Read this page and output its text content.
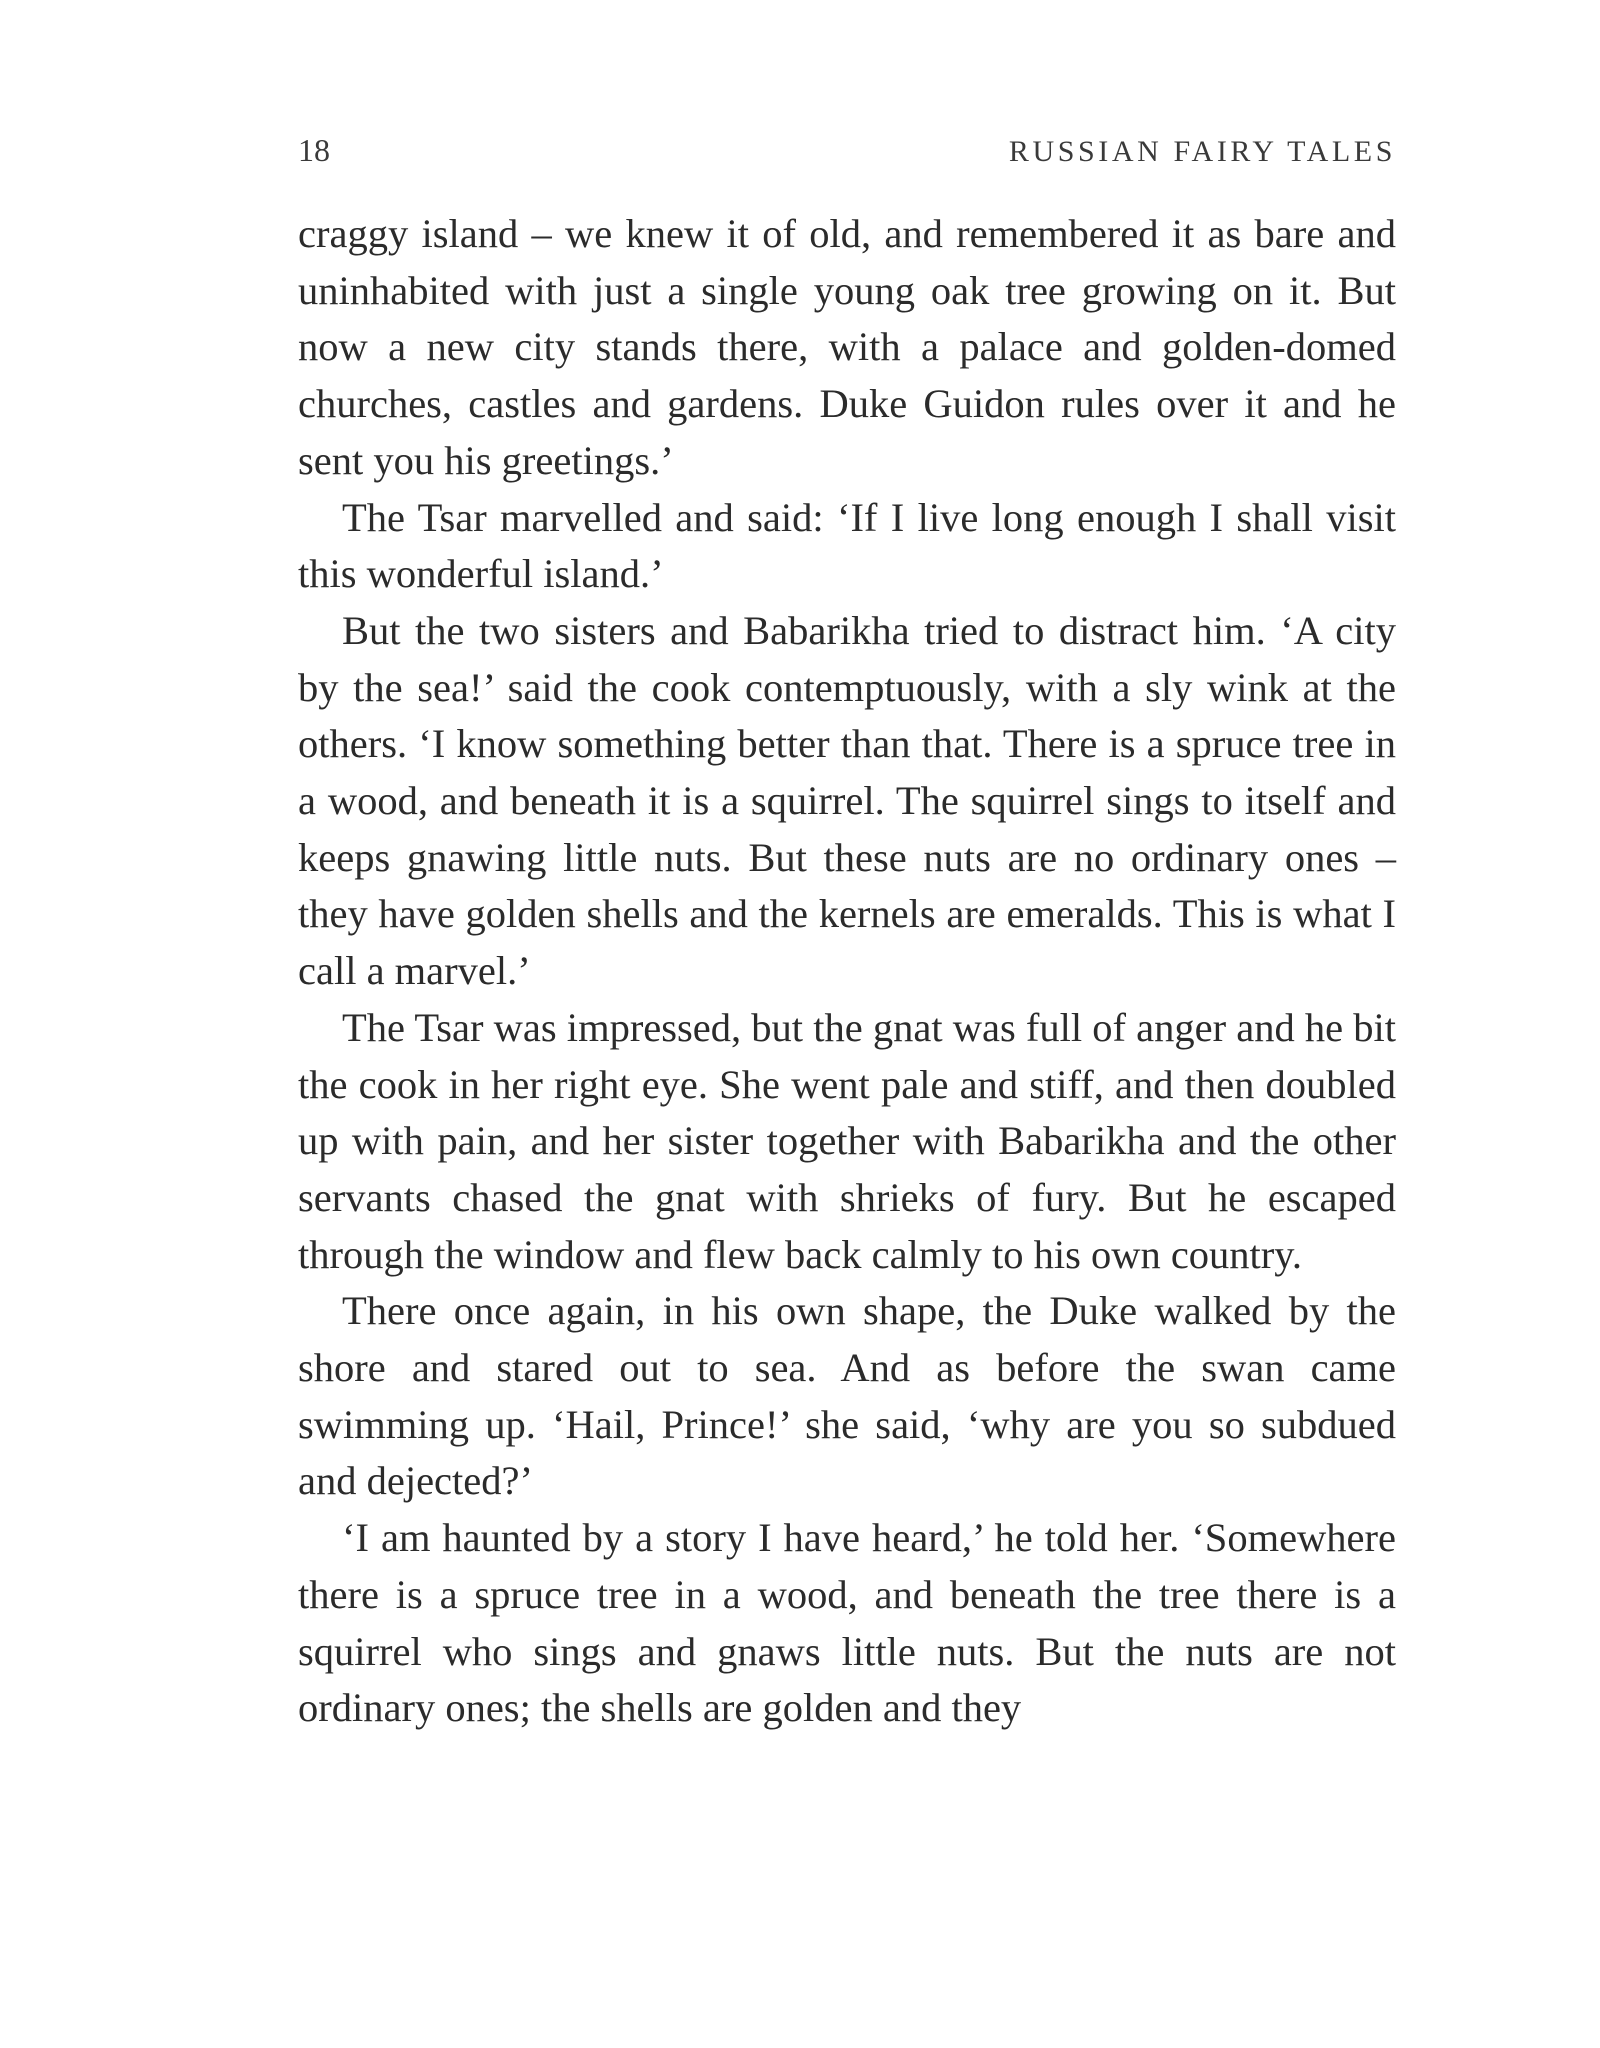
18	RUSSIAN FAIRY TALES

craggy island – we knew it of old, and remembered it as bare and uninhabited with just a single young oak tree growing on it. But now a new city stands there, with a palace and golden-domed churches, castles and gardens. Duke Guidon rules over it and he sent you his greetings.’

The Tsar marvelled and said: ‘If I live long enough I shall visit this wonderful island.’

But the two sisters and Babarikha tried to distract him. ‘A city by the sea!’ said the cook contemptuously, with a sly wink at the others. ‘I know something better than that. There is a spruce tree in a wood, and beneath it is a squirrel. The squirrel sings to itself and keeps gnawing little nuts. But these nuts are no ordinary ones – they have golden shells and the kernels are emeralds. This is what I call a marvel.’

The Tsar was impressed, but the gnat was full of anger and he bit the cook in her right eye. She went pale and stiff, and then doubled up with pain, and her sister together with Babarikha and the other servants chased the gnat with shrieks of fury. But he escaped through the window and flew back calmly to his own country.

There once again, in his own shape, the Duke walked by the shore and stared out to sea. And as before the swan came swimming up. ‘Hail, Prince!’ she said, ‘why are you so subdued and dejected?’

‘I am haunted by a story I have heard,’ he told her. ‘Somewhere there is a spruce tree in a wood, and beneath the tree there is a squirrel who sings and gnaws little nuts. But the nuts are not ordinary ones; the shells are golden and they
